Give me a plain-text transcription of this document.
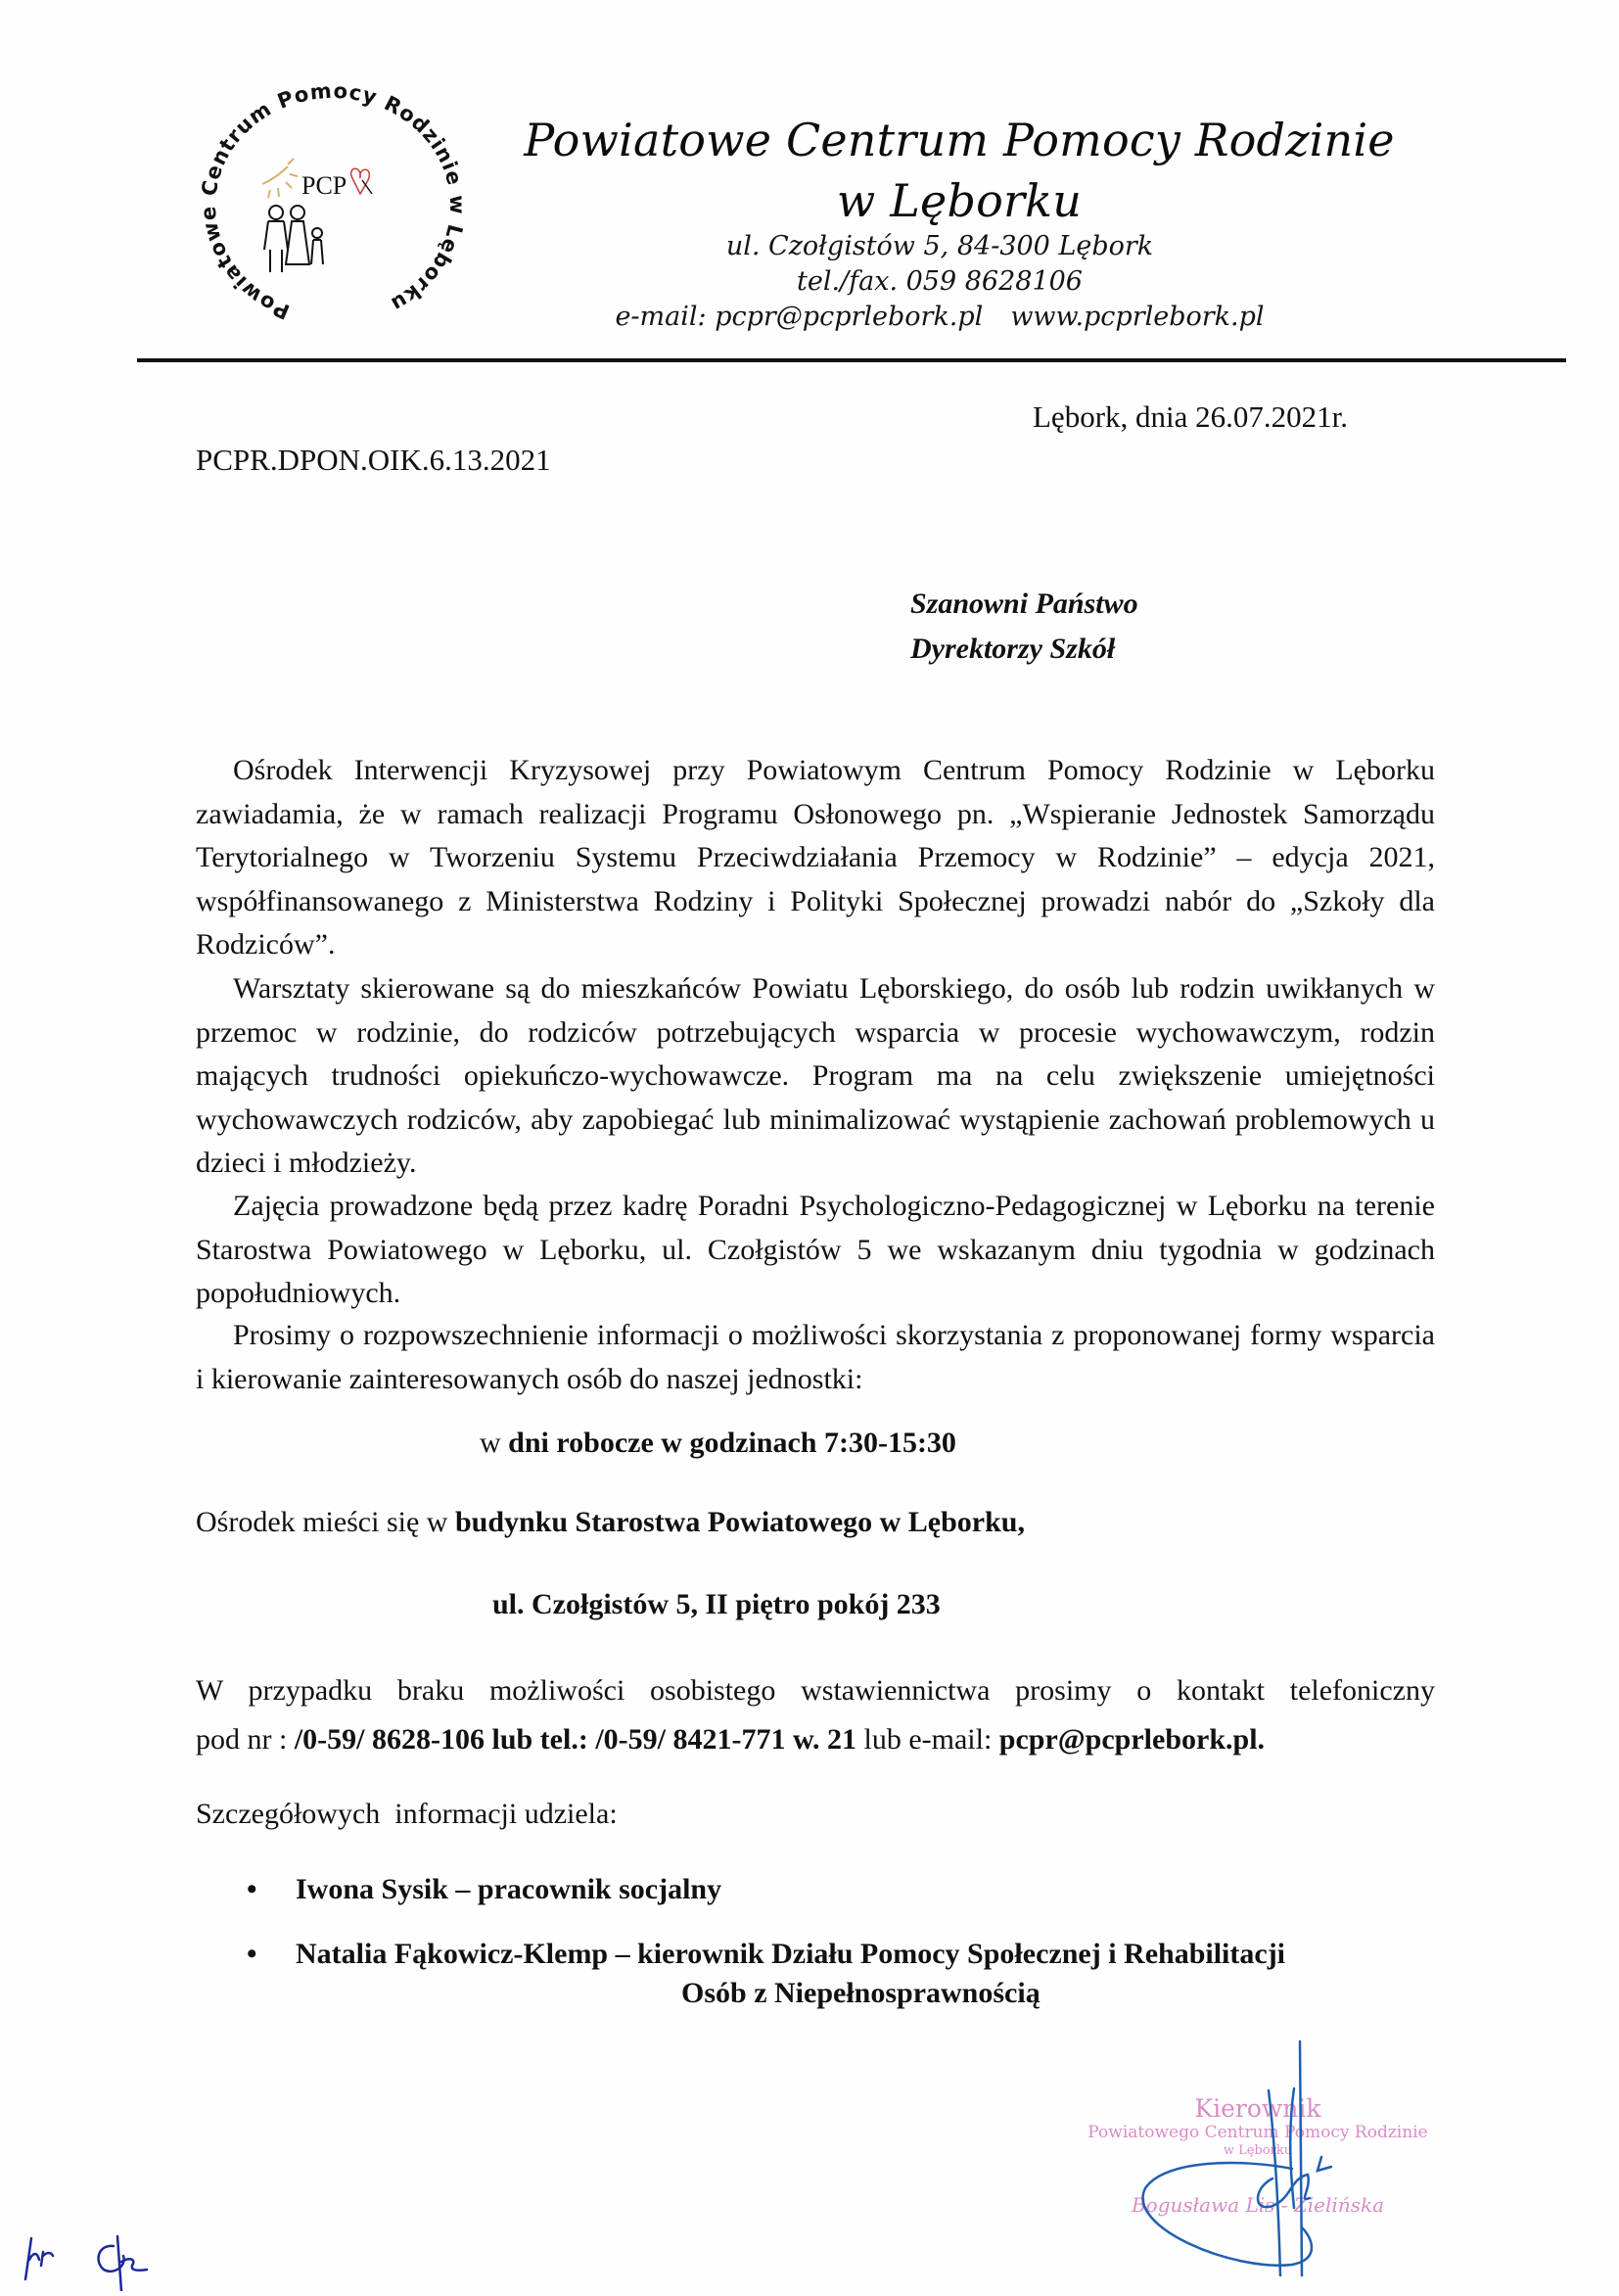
Powiatowe Centrum Pomocy Rodzinie w Lęborku
PCP
Powiatowe Centrum Pomocy Rodzinie
w Lęborku
ul. Czołgistów 5, 84-300 Lębork
tel./fax. 059 8628106
e-mail: pcpr@pcprlebork.pl www.pcprlebork.pl
Lębork, dnia 26.07.2021r.
PCPR.DPON.OIK.6.13.2021
Szanowni Państwo
Dyrektorzy Szkół

Ośrodek Interwencji Kryzysowej przy Powiatowym Centrum Pomocy Rodzinie w Lęborku zawiadamia, że w ramach realizacji Programu Osłonowego pn. „Wspieranie Jednostek Samorządu Terytorialnego w Tworzeniu Systemu Przeciwdziałania Przemocy w Rodzinie” – edycja 2021, współfinansowanego z Ministerstwa Rodziny i Polityki Społecznej prowadzi nabór do „Szkoły dla Rodziców”.

Warsztaty skierowane są do mieszkańców Powiatu Lęborskiego, do osób lub rodzin uwikłanych w przemoc w rodzinie, do rodziców potrzebujących wsparcia w procesie wychowawczym, rodzin mających trudności opiekuńczo-wychowawcze. Program ma na celu zwiększenie umiejętności wychowawczych rodziców, aby zapobiegać lub minimalizować wystąpienie zachowań problemowych u dzieci i młodzieży.

Zajęcia prowadzone będą przez kadrę Poradni Psychologiczno-Pedagogicznej w Lęborku na terenie Starostwa Powiatowego w Lęborku, ul. Czołgistów 5 we wskazanym dniu tygodnia w godzinach popołudniowych.

Prosimy o rozpowszechnienie informacji o możliwości skorzystania z proponowanej formy wsparcia i kierowanie zainteresowanych osób do naszej jednostki:

w dni robocze w godzinach 7:30-15:30
Ośrodek mieści się w budynku Starostwa Powiatowego w Lęborku,
ul. Czołgistów 5, II piętro pokój 233
W przypadku braku możliwości osobistego wstawiennictwa prosimy o kontakt telefoniczny
pod nr : /0-59/ 8628-106 lub tel.: /0-59/ 8421-771 w. 21 lub e-mail: pcpr@pcprlebork.pl.
Szczegółowych  informacji udziela:
• Iwona Sysik – pracownik socjalny
• Natalia Fąkowicz-Klemp – kierownik Działu Pomocy Społecznej i Rehabilitacji
Osób z Niepełnosprawnością
Kierownik
Powiatowego Centrum Pomocy Rodzinie
w Lęborku
Bogusława Lis - Zielińska
